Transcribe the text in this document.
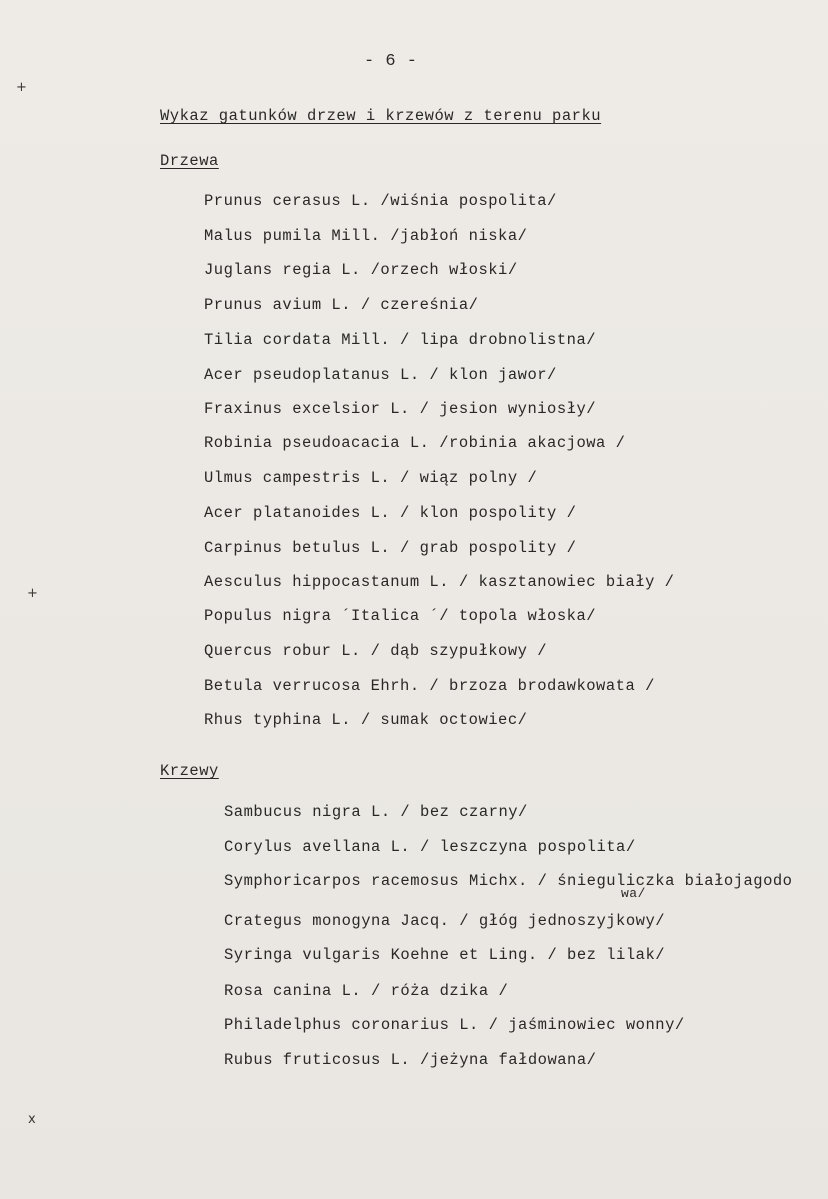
+
+
x
- 6 -
Wykaz gatunków drzew i krzewów z terenu parku
Drzewa
Prunus cerasus L. /wiśnia pospolita/
Malus pumila Mill. /jabłoń niska/
Juglans regia L. /orzech włoski/
Prunus avium L. / czereśnia/
Tilia cordata Mill. / lipa drobnolistna/
Acer pseudoplatanus L. / klon jawor/
Fraxinus excelsior L. / jesion wyniosły/
Robinia pseudoacacia L. /robinia akacjowa /
Ulmus campestris L. / wiąz polny /
Acer platanoides L. / klon pospolity /
Carpinus betulus L. / grab pospolity /
Aesculus hippocastanum L. / kasztanowiec biały /
Populus nigra ´Italica ´/ topola włoska/
Quercus robur L. / dąb szypułkowy /
Betula verrucosa Ehrh. / brzoza brodawkowata /
Rhus typhina L. / sumak octowiec/
Krzewy
Sambucus nigra L. / bez czarny/
Corylus avellana L. / leszczyna pospolita/
Symphoricarpos racemosus Michx. / śnieguliczka białojagodo
Crategus monogyna Jacq. / głóg jednoszyjkowy/
Syringa vulgaris Koehne et Ling. / bez lilak/
Rosa canina L. / róża dzika /
Philadelphus coronarius L. / jaśminowiec wonny/
Rubus fruticosus L. /jeżyna fałdowana/
wa/
